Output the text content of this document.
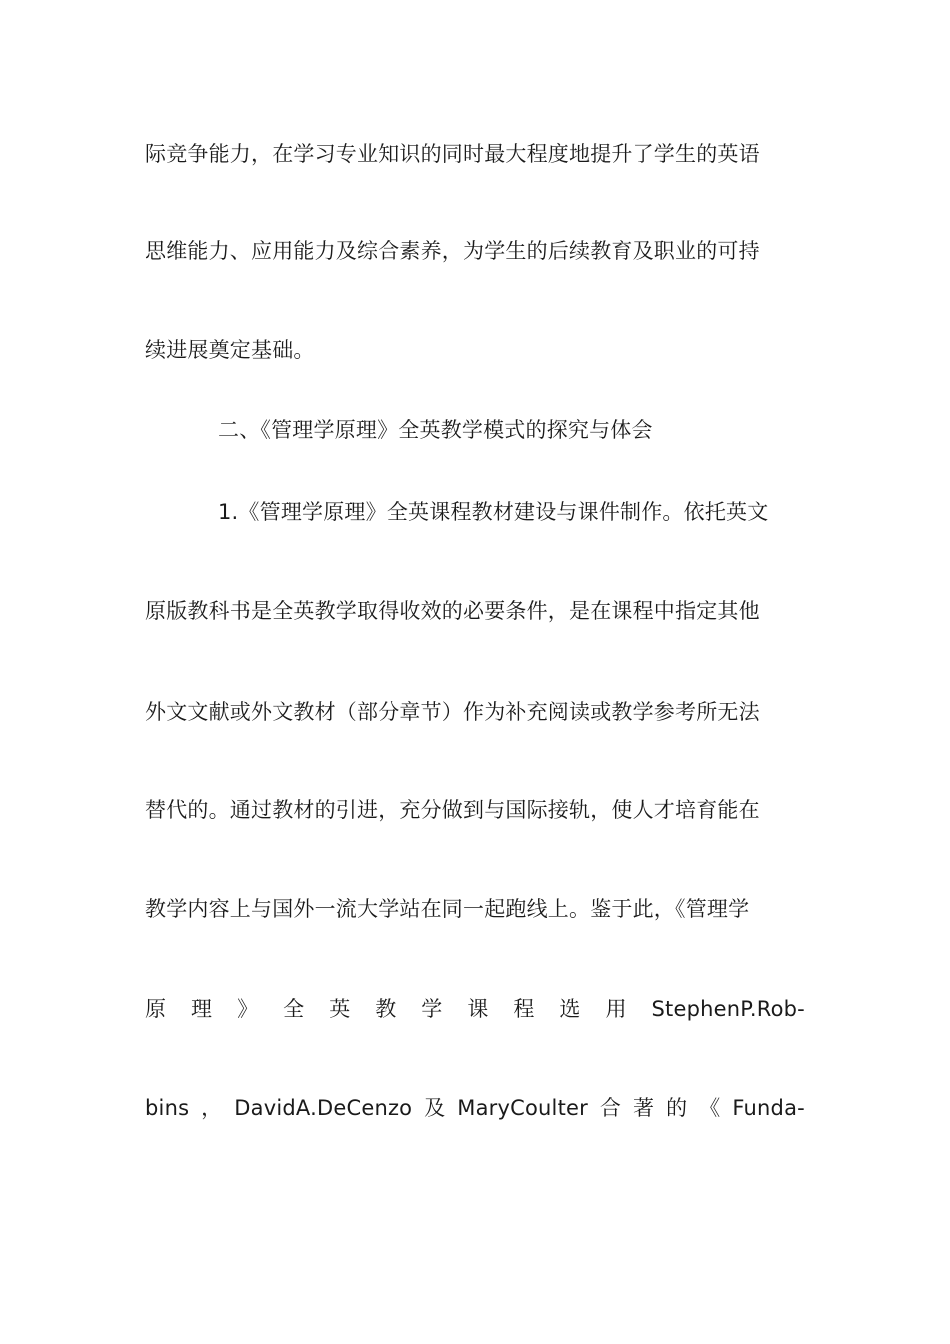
际竞争能力，在学习专业知识的同时最大程度地提升了学生的英语
思维能力、应用能力及综合素养，为学生的后续教育及职业的可持
续进展奠定基础。
二、《管理学原理》全英教学模式的探究与体会
1.《管理学原理》全英课程教材建设与课件制作。依托英文
原版教科书是全英教学取得收效的必要条件，是在课程中指定其他
外文文献或外文教材（部分章节）作为补充阅读或教学参考所无法
替代的。通过教材的引进，充分做到与国际接轨，使人才培育能在
教学内容上与国外一流大学站在同一起跑线上。鉴于此，《管理学
原 理 》 全 英 教 学 课 程 选 用 StephenP.Rob-
bins ， DavidA.DeCenzo 及 MaryCoulter 合 著 的 《 Funda-
